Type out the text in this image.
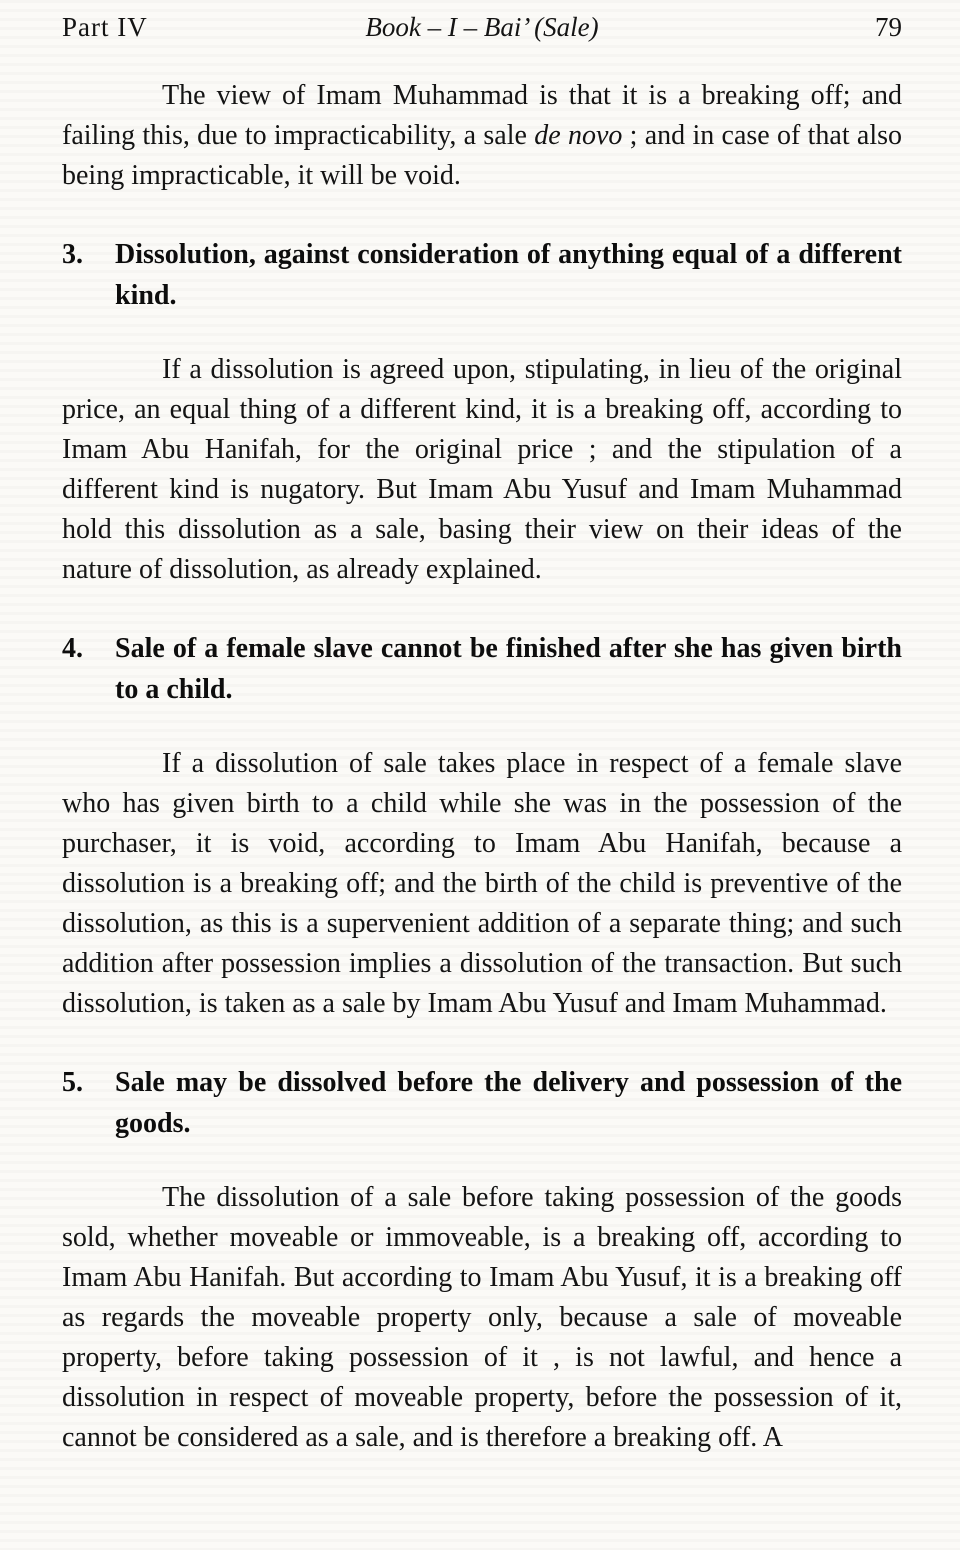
Part IV	Book – I – Bai’ (Sale)	79

The view of Imam Muhammad is that it is a breaking off; and failing this, due to impracticability, a sale de novo ; and in case of that also being impracticable, it will be void.

3.	Dissolution, against consideration of anything equal of a different kind.

If a dissolution is agreed upon, stipulating, in lieu of the original price, an equal thing of a different kind, it is a breaking off, according to Imam Abu Hanifah, for the original price ; and the stipulation of a different kind is nugatory. But Imam Abu Yusuf and Imam Muhammad hold this dissolution as a sale, basing their view on their ideas of the nature of dissolution, as already explained.

4.	Sale of a female slave cannot be finished after she has given birth to a child.

If a dissolution of sale takes place in respect of a female slave who has given birth to a child while she was in the possession of the purchaser, it is void, according to Imam Abu Hanifah, because a dissolution is a breaking off; and the birth of the child is preventive of the dissolution, as this is a supervenient addition of a separate thing; and such addition after possession implies a dissolution of the transaction. But such dissolution, is taken as a sale by Imam Abu Yusuf and Imam Muhammad.

5.	Sale may be dissolved before the delivery and possession of the goods.

The dissolution of a sale before taking possession of the goods sold, whether moveable or immoveable, is a breaking off, according to Imam Abu Hanifah. But according to Imam Abu Yusuf, it is a breaking off as regards the moveable property only, because a sale of moveable property, before taking possession of it , is not lawful, and hence a dissolution in respect of moveable property, before the possession of it, cannot be considered as a sale, and is therefore a breaking off. A
